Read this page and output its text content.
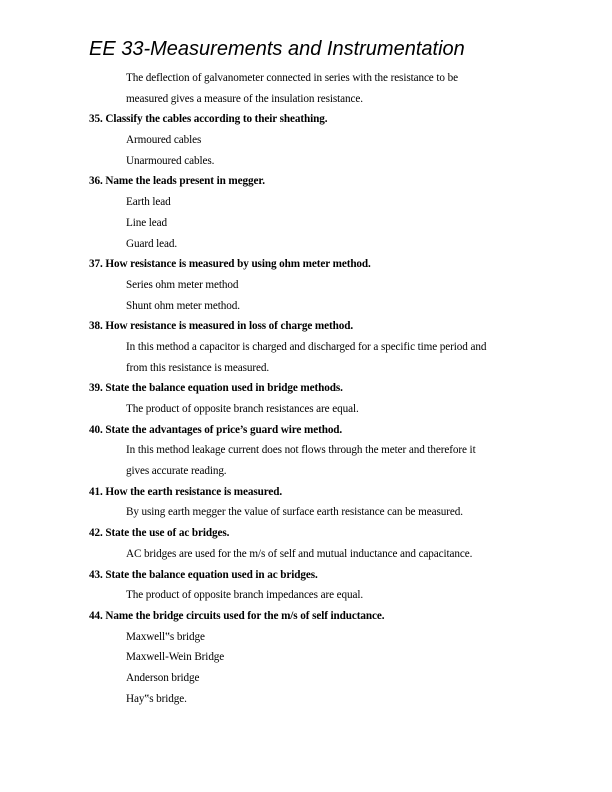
EE 33-Measurements and Instrumentation
The deflection of galvanometer connected in series with the resistance to be
measured gives a measure of the insulation resistance.
35. Classify the cables according to their sheathing.
Armoured cables
Unarmoured cables.
36. Name the leads present in megger.
Earth lead
Line lead
Guard lead.
37. How resistance is measured by using ohm meter method.
Series ohm meter method
Shunt ohm meter method.
38. How resistance is measured in loss of charge method.
In this method a capacitor is charged and discharged for a specific time period and
from this resistance is measured.
39. State the balance equation used in bridge methods.
The product of opposite branch resistances are equal.
40. State the advantages of price’s guard wire method.
In this method leakage current does not flows through the meter and therefore it
gives accurate reading.
41. How the earth resistance is measured.
By using earth megger the value of surface earth resistance can be measured.
42. State the use of ac bridges.
AC bridges are used for the m/s of self and mutual inductance and capacitance.
43. State the balance equation used in ac bridges.
The product of opposite branch impedances are equal.
44. Name the bridge circuits used for the m/s of self inductance.
Maxwell‟s bridge
Maxwell-Wein Bridge
Anderson bridge
Hay‟s bridge.
